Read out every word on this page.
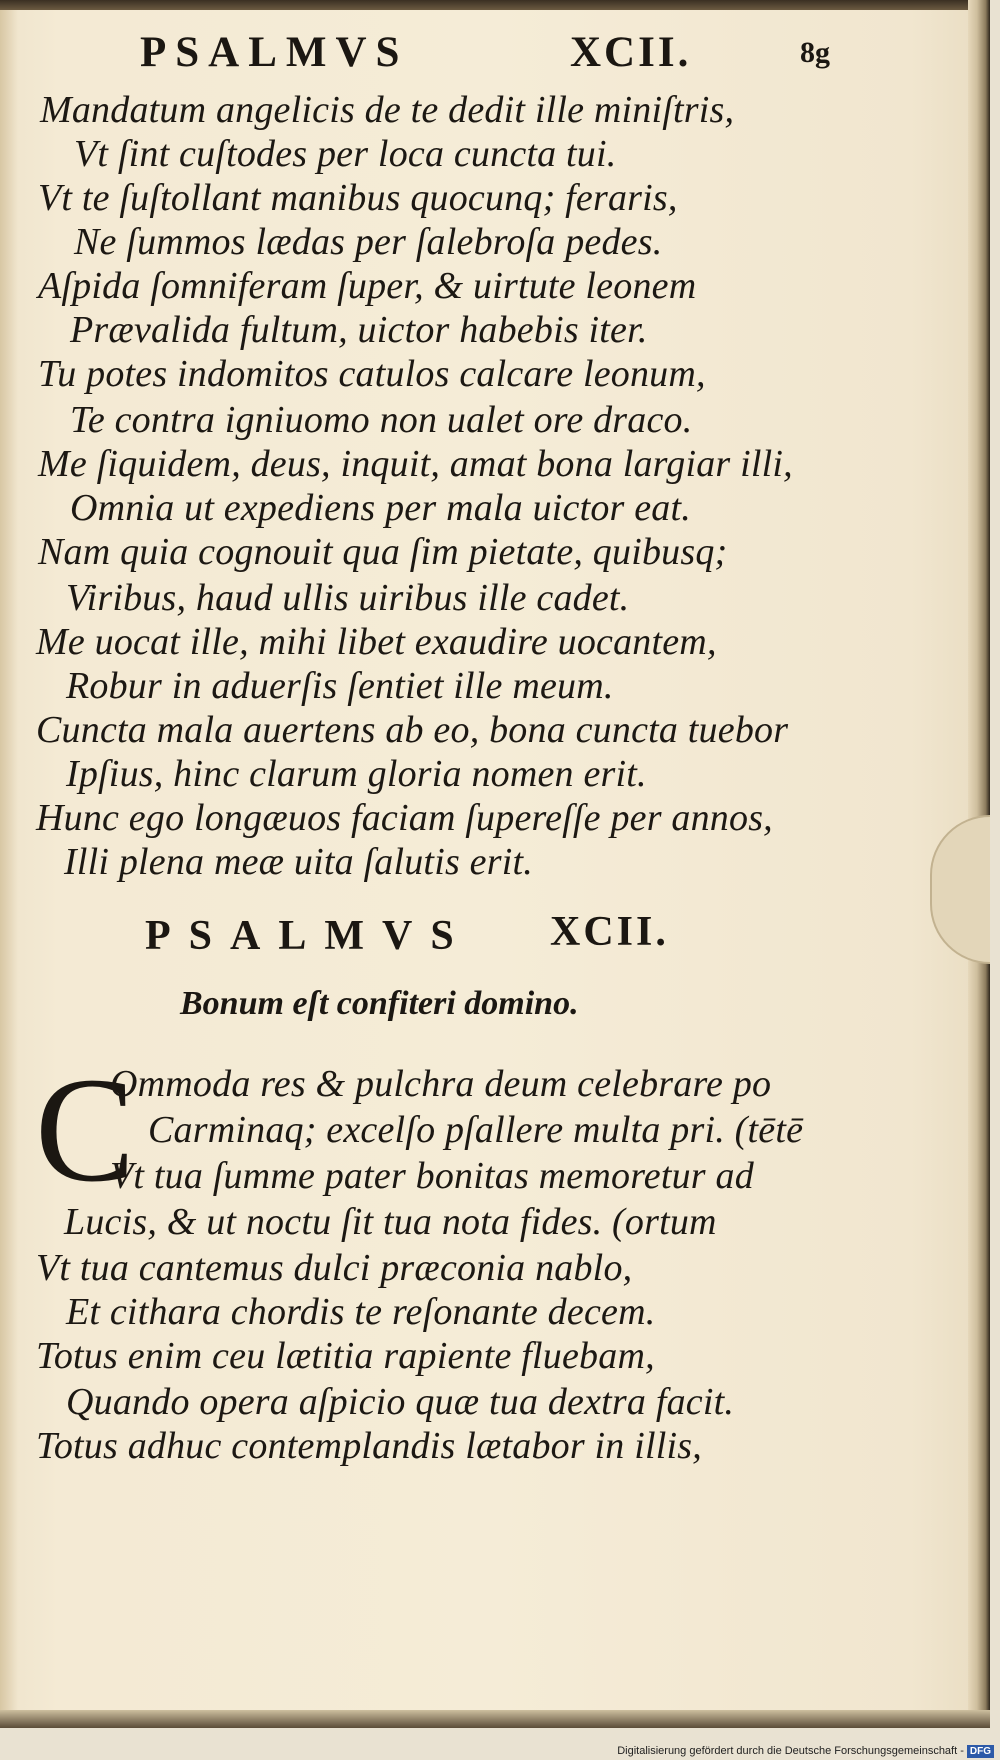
PSALMVS	XCII.	8g
Mandatum angelicis de te dedit ille miniſtris,
Vt ſint cuſtodes per loca cuncta tui.
Vt te ſuſtollant manibus quocunq; feraris,
Ne ſummos lædas per ſalebroſa pedes.
Aſpida ſomniferam ſuper, & uirtute leonem
Prævalida fultum, uictor habebis iter.
Tu potes indomitos catulos calcare leonum,
Te contra igniuomo non ualet ore draco.
Me ſiquidem, deus, inquit, amat bona largiar illi,
Omnia ut expediens per mala uictor eat.
Nam quia cognouit qua ſim pietate, quibusq;
Viribus, haud ullis uiribus ille cadet.
Me uocat ille, mihi libet exaudire uocantem,
Robur in aduerſis ſentiet ille meum.
Cuncta mala auertens ab eo, bona cuncta tuebor
Ipſius, hinc clarum gloria nomen erit.
Hunc ego longæuos faciam ſupereſſe per annos,
Illi plena meæ uita ſalutis erit.
PSALMVS XCII.
Bonum eſt confiteri domino.
C
Ommoda res & pulchra deum celebrare po
Carminaq; excelſo pſallere multa pri. (tētē
Vt tua ſumme pater bonitas memoretur ad
Lucis, & ut noctu ſit tua nota fides. (ortum
Vt tua cantemus dulci præconia nablo,
Et cithara chordis te reſonante decem.
Totus enim ceu lætitia rapiente fluebam,
Quando opera aſpicio quæ tua dextra facit.
Totus adhuc contemplandis lætabor in illis,
Digitalisierung gefördert durch die Deutsche Forschungsgemeinschaft - DFG
